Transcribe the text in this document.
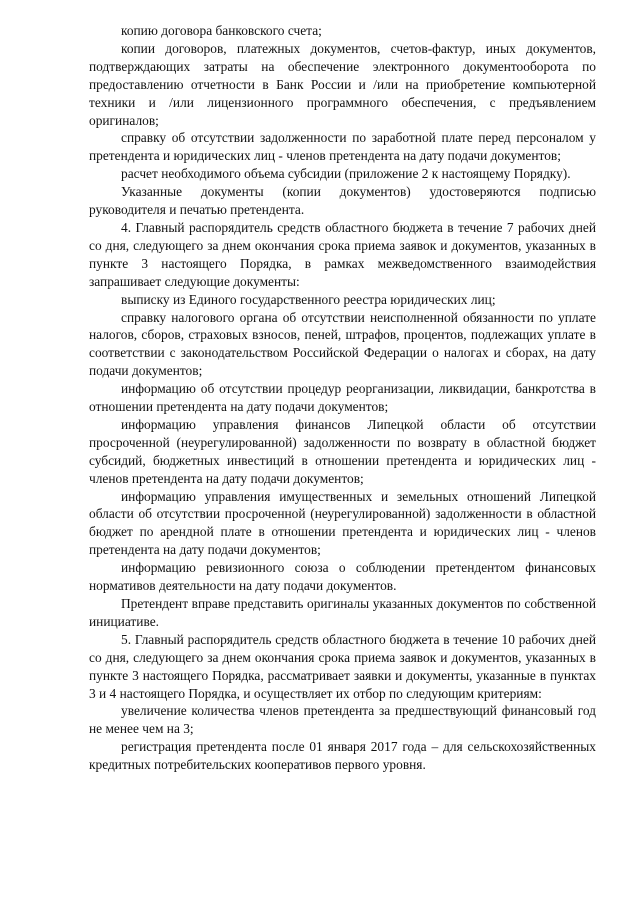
копию договора банковского счета;

копии договоров, платежных документов, счетов-фактур, иных документов, подтверждающих затраты на обеспечение электронного документооборота по предоставлению отчетности в Банк России и /или на приобретение компьютерной техники и /или лицензионного программного обеспечения, с предъявлением оригиналов;

справку об отсутствии задолженности по заработной плате перед персоналом у претендента и юридических лиц - членов претендента на дату подачи документов;

расчет необходимого объема субсидии (приложение 2 к настоящему Порядку).

Указанные документы (копии документов) удостоверяются подписью руководителя и печатью претендента.

4. Главный распорядитель средств областного бюджета в течение 7 рабочих дней со дня, следующего за днем окончания срока приема заявок и документов, указанных в пункте 3 настоящего Порядка, в рамках межведомственного взаимодействия запрашивает следующие документы:

выписку из Единого государственного реестра юридических лиц;

справку налогового органа об отсутствии неисполненной обязанности по уплате налогов, сборов, страховых взносов, пеней, штрафов, процентов, подлежащих уплате в соответствии с законодательством Российской Федерации о налогах и сборах, на дату подачи документов;

информацию об отсутствии процедур реорганизации, ликвидации, банкротства в отношении претендента на дату подачи документов;

информацию управления финансов Липецкой области об отсутствии просроченной (неурегулированной) задолженности по возврату в областной бюджет субсидий, бюджетных инвестиций в отношении претендента и юридических лиц - членов претендента на дату подачи документов;

информацию управления имущественных и земельных отношений Липецкой области об отсутствии просроченной (неурегулированной) задолженности в областной бюджет по арендной плате в отношении претендента и юридических лиц - членов претендента на дату подачи документов;

информацию ревизионного союза о соблюдении претендентом финансовых нормативов деятельности на дату подачи документов.

Претендент вправе представить оригиналы указанных документов по собственной инициативе.

5. Главный распорядитель средств областного бюджета в течение 10 рабочих дней со дня, следующего за днем окончания срока приема заявок и документов, указанных в пункте 3 настоящего Порядка, рассматривает заявки и документы, указанные в пунктах 3 и 4 настоящего Порядка, и осуществляет их отбор по следующим критериям:

увеличение количества членов претендента за предшествующий финансовый год не менее чем на 3;

регистрация претендента после 01 января 2017 года – для сельскохозяйственных кредитных потребительских кооперативов первого уровня.
